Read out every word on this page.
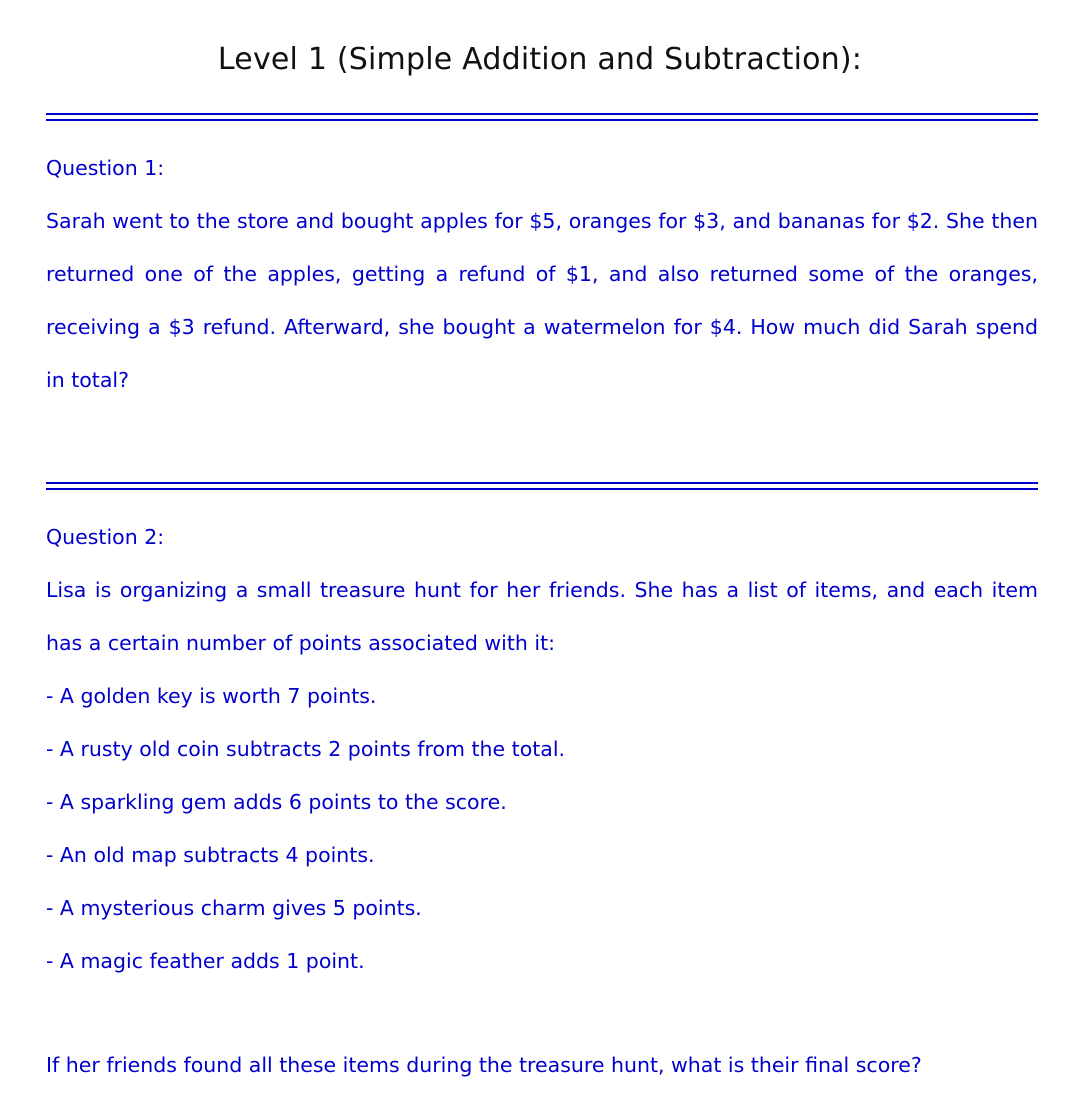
Level 1 (Simple Addition and Subtraction):

Question 1:

Sarah went to the store and bought apples for $5, oranges for $3, and bananas for $2. She then returned one of the apples, getting a refund of $1, and also returned some of the oranges, receiving a $3 refund. Afterward, she bought a watermelon for $4. How much did Sarah spend in total?

Question 2:

Lisa is organizing a small treasure hunt for her friends. She has a list of items, and each item has a certain number of points associated with it:

- A golden key is worth 7 points.

- A rusty old coin subtracts 2 points from the total.

- A sparkling gem adds 6 points to the score.

- An old map subtracts 4 points.

- A mysterious charm gives 5 points.

- A magic feather adds 1 point.

If her friends found all these items during the treasure hunt, what is their final score?
